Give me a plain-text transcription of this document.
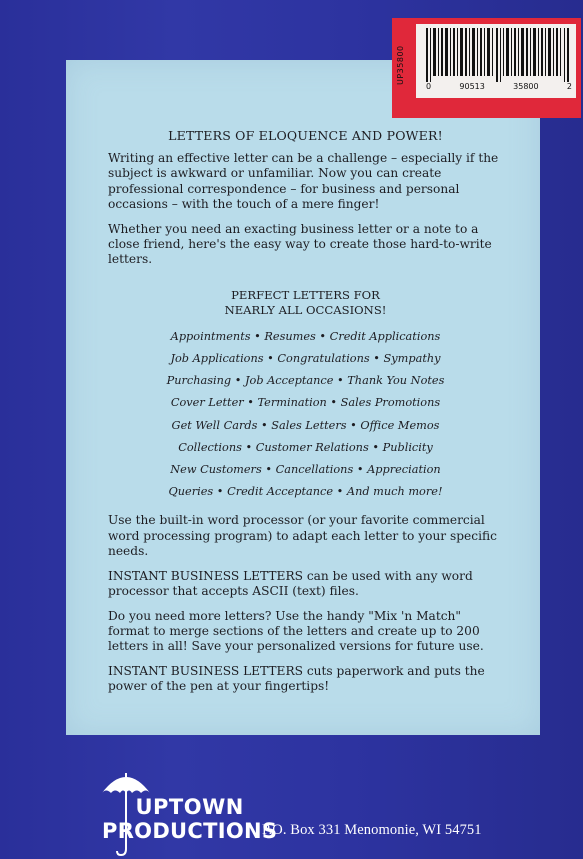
UP35800
0	90513	35800	2
LETTERS OF ELOQUENCE AND POWER!

Writing an effective letter can be a challenge – especially if the subject is awkward or unfamiliar. Now you can create professional correspondence – for business and personal occasions – with the touch of a mere finger!

Whether you need an exacting business letter or a note to a close friend, here's the easy way to create those hard-to-write letters.

PERFECT LETTERS FOR
NEARLY ALL OCCASIONS!
Appointments • Resumes • Credit Applications
Job Applications • Congratulations • Sympathy
Purchasing • Job Acceptance • Thank You Notes
Cover Letter • Termination • Sales Promotions
Get Well Cards • Sales Letters • Office Memos
Collections • Customer Relations • Publicity
New Customers • Cancellations • Appreciation
Queries • Credit Acceptance • And much more!

Use the built-in word processor (or your favorite commercial word processing program) to adapt each letter to your specific needs.

INSTANT BUSINESS LETTERS can be used with any word processor that accepts ASCII (text) files.

Do you need more letters? Use the handy "Mix 'n Match" format to merge sections of the letters and create up to 200 letters in all! Save your personalized versions for future use.

INSTANT BUSINESS LETTERS cuts paperwork and puts the power of the pen at your fingertips!

UPTOWN
PRODUCTIONS
P.O. Box 331 Menomonie, WI 54751
